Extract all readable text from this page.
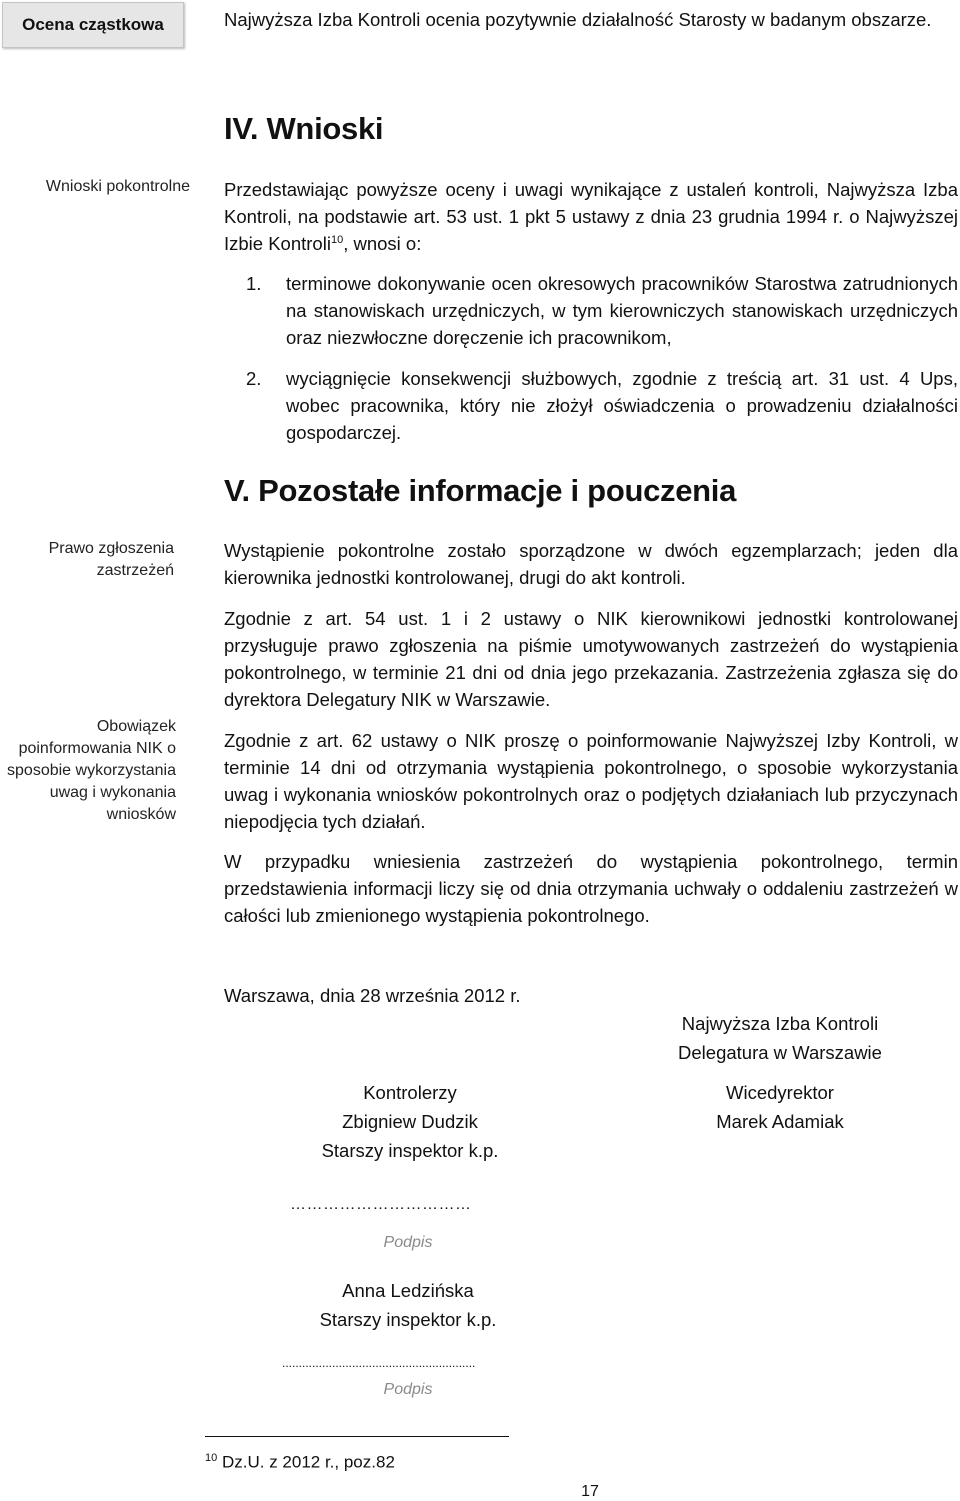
Ocena cząstkowa	Najwyższa Izba Kontroli ocenia pozytywnie działalność Starosty w badanym obszarze.

IV. Wnioski
Wnioski pokontrolne Przedstawiając powyższe oceny i uwagi wynikające z ustaleń kontroli, Najwyższa Izba Kontroli, na podstawie art. 53 ust. 1 pkt 5 ustawy z dnia 23 grudnia 1994 r. o Najwyższej Izbie Kontroli$^{10}$, wnosi o:

1. terminowe dokonywanie ocen okresowych pracowników Starostwa zatrudnionych na stanowiskach urzędniczych, w tym kierowniczych stanowiskach urzędniczych oraz niezwłoczne doręczenie ich pracownikom,
2. wyciągnięcie konsekwencji służbowych, zgodnie z treścią art. 31 ust. 4 Ups, wobec pracownika, który nie złożył oświadczenia o prowadzeniu działalności gospodarczej.
V. Pozostałe informacje i pouczenia
Prawo zgłoszenia zastrzeżeń
Obowiązek poinformowania NIK o sposobie wykorzystania uwag i wykonania wniosków

Wystąpienie pokontrolne zostało sporządzone w dwóch egzemplarzach; jeden dla kierownika jednostki kontrolowanej, drugi do akt kontroli.

Zgodnie z art. 54 ust. 1 i 2 ustawy o NIK kierownikowi jednostki kontrolowanej przysługuje prawo zgłoszenia na piśmie umotywowanych zastrzeżeń do wystąpienia pokontrolnego, w terminie 21 dni od dnia jego przekazania. Zastrzeżenia zgłasza się do dyrektora Delegatury NIK w Warszawie.

Zgodnie z art. 62 ustawy o NIK proszę o poinformowanie Najwyższej Izby Kontroli, w terminie 14 dni od otrzymania wystąpienia pokontrolnego, o sposobie wykorzystania uwag i wykonania wniosków pokontrolnych oraz o podjętych działaniach lub przyczynach niepodjęcia tych działań.

W przypadku wniesienia zastrzeżeń do wystąpienia pokontrolnego, termin przedstawienia informacji liczy się od dnia otrzymania uchwały o oddaleniu zastrzeżeń w całości lub zmienionego wystąpienia pokontrolnego.

Warszawa, dnia 28 września 2012 r.
Najwyższa Izba Kontroli
Delegatura w Warszawie
Kontrolerzy
Zbigniew Dudzik
Starszy inspektor k.p.
Wicedyrektor
Marek Adamiak
……………………………
Podpis
Anna Ledzińska
Starszy inspektor k.p.
..........................................................
Podpis
$^{10}$ Dz.U. z 2012 r., poz.82
17
